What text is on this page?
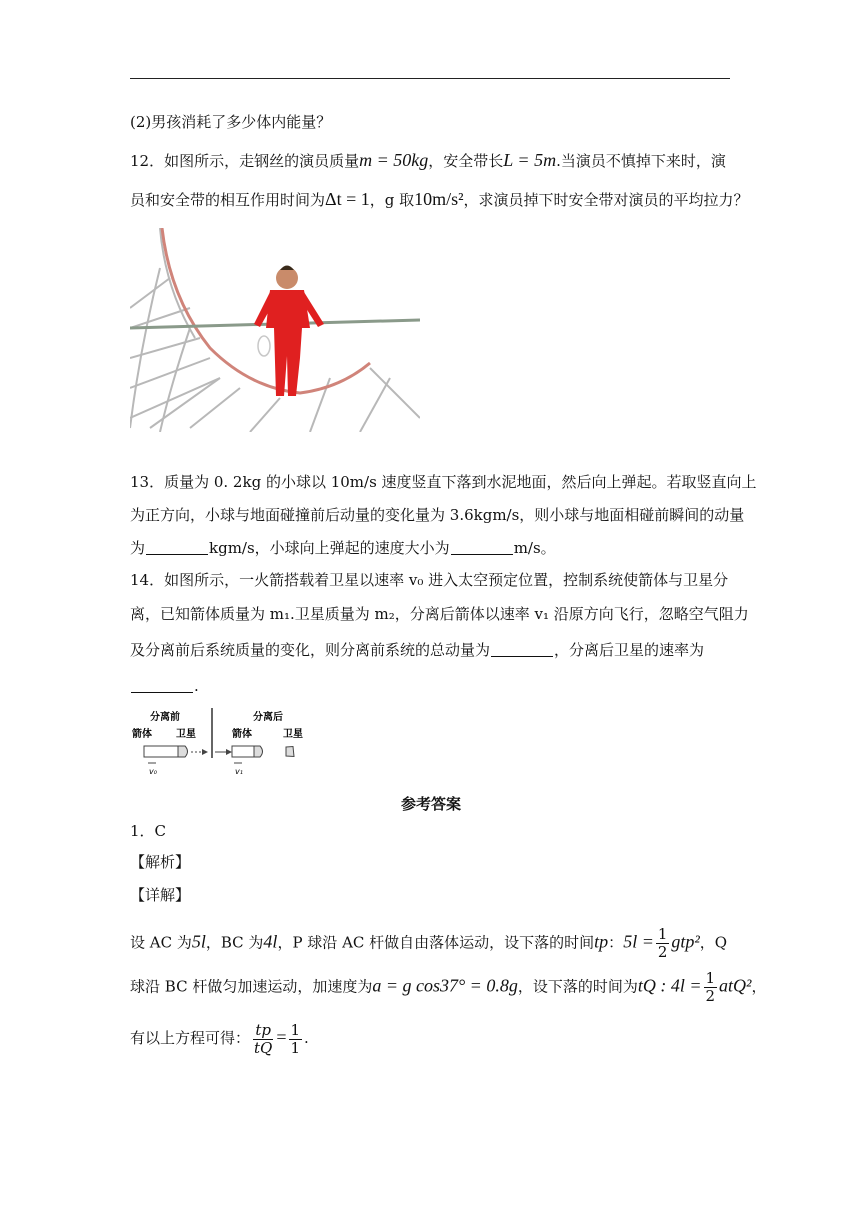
(2)男孩消耗了多少体内能量？
12．如图所示，走钢丝的演员质量m = 50kg，安全带长L = 5m.当演员不慎掉下来时，演
员和安全带的相互作用时间为Δt = 1，g 取10m/s²，求演员掉下时安全带对演员的平均拉力？
13．质量为 0. 2kg 的小球以 10m/s 速度竖直下落到水泥地面，然后向上弹起。若取竖直向上
为正方向，小球与地面碰撞前后动量的变化量为 3.6kgm/s，则小球与地面相碰前瞬间的动量
为	kgm/s，小球向上弹起的速度大小为	m/s。
14．如图所示，一火箭搭载着卫星以速率 v₀ 进入太空预定位置，控制系统使箭体与卫星分
离，已知箭体质量为 m₁.卫星质量为 m₂，分离后箭体以速率 v₁ 沿原方向飞行，忽略空气阻力
及分离前后系统质量的变化，则分离前系统的总动量为	，分离后卫星的速率为
.
分离前	分离后
箭体 卫星	箭体	卫星
v₀	v₁
参考答案
1．C
【解析】
【详解】
设 AC 为5l，BC 为4l，P 球沿 AC 杆做自由落体运动，设下落的时间tp：$5l = \frac{1}{2} gtp^2$，Q
球沿 BC 杆做匀加速运动，加速度为a = g cos37° = 0.8g，设下落的时间为tQ : $4l = \frac{1}{2} atQ^2$，
有以上方程可得： $\frac{tp}{tQ} = \frac{1}{1}$ .
